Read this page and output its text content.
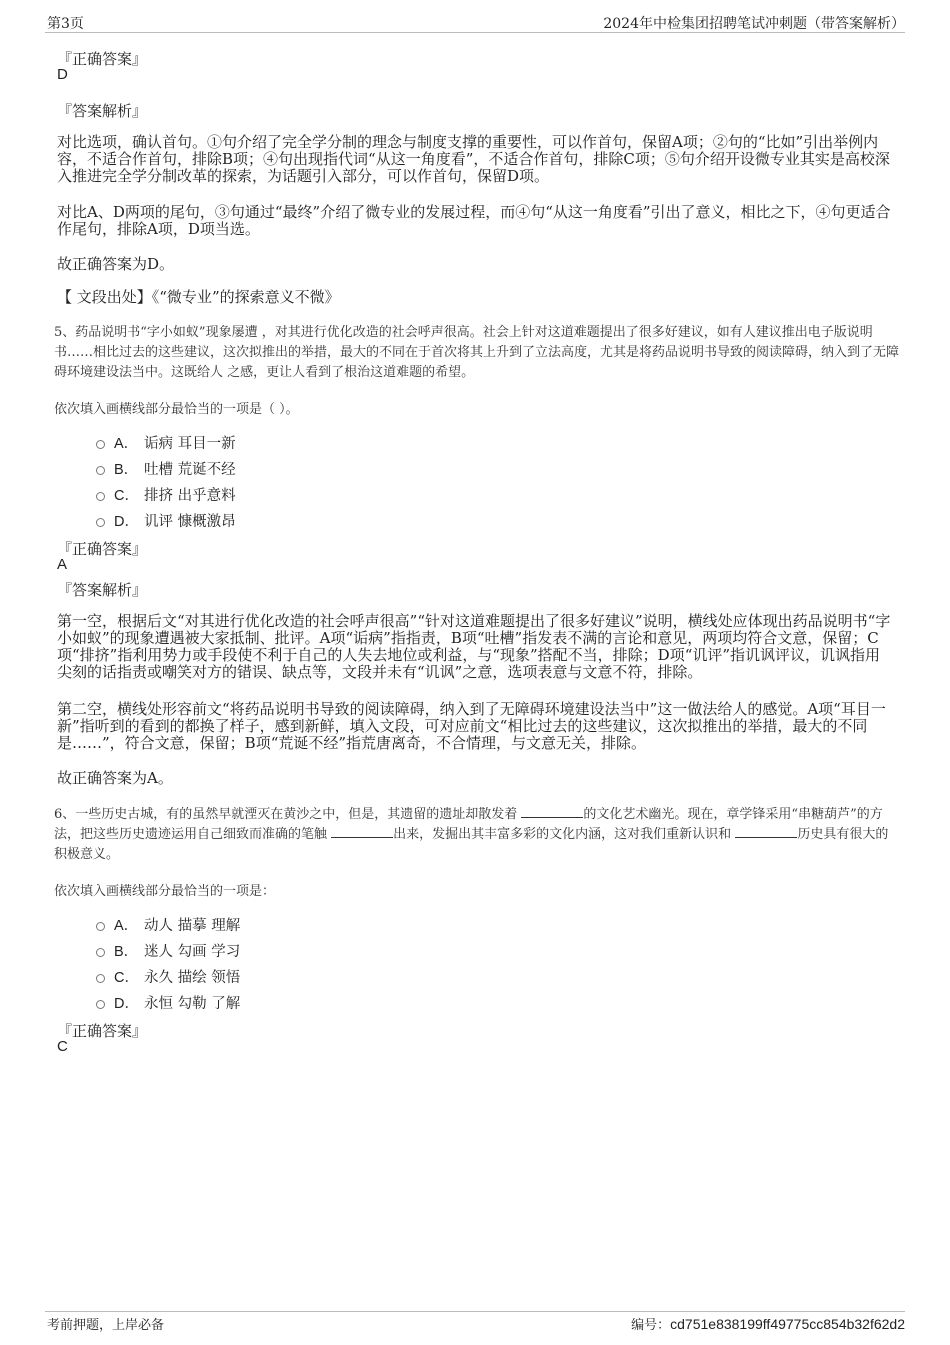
第3页	2024年中检集团招聘笔试冲刺题（带答案解析）
『正确答案』
D
『答案解析』
对比选项，确认首句。①句介绍了完全学分制的理念与制度支撑的重要性，可以作首句，保留A项；②句的“比如”引出举例内容，不适合作首句，排除B项；④句出现指代词“从这一角度看”，不适合作首句，排除C项；⑤句介绍开设微专业其实是高校深入推进完全学分制改革的探索，为话题引入部分，可以作首句，保留D项。
对比A、D两项的尾句，③句通过“最终”介绍了微专业的发展过程，而④句“从这一角度看”引出了意义，相比之下，④句更适合作尾句，排除A项，D项当选。
故正确答案为D。
【 文段出处】《“微专业”的探索意义不微》
5、药品说明书“字小如蚁”现象屡遭 ，对其进行优化改造的社会呼声很高。社会上针对这道难题提出了很多好建议，如有人建议推出电子版说明书……相比过去的这些建议，这次拟推出的举措，最大的不同在于首次将其上升到了立法高度，尤其是将药品说明书导致的阅读障碍，纳入到了无障碍环境建设法当中。这既给人 之感，更让人看到了根治这道难题的希望。
依次填入画横线部分最恰当的一项是（ ）。
A． 诟病 耳目一新
B． 吐槽 荒诞不经
C． 排挤 出乎意料
D． 讥评 慷概激昂
『正确答案』
A
『答案解析』
第一空，根据后文“对其进行优化改造的社会呼声很高”“针对这道难题提出了很多好建议”说明，横线处应体现出药品说明书“字小如蚁”的现象遭遇被大家抵制、批评。A项“诟病”指指责，B项“吐槽”指发表不满的言论和意见，两项均符合文意，保留；C项“排挤”指利用势力或手段使不利于自己的人失去地位或利益，与“现象”搭配不当，排除；D项“讥评”指讥讽评议，讥讽指用尖刻的话指责或嘲笑对方的错误、缺点等，文段并未有“讥讽”之意，选项表意与文意不符，排除。
第二空，横线处形容前文“将药品说明书导致的阅读障碍，纳入到了无障碍环境建设法当中”这一做法给人的感觉。A项“耳目一新”指听到的看到的都换了样子，感到新鲜，填入文段，可对应前文“相比过去的这些建议，这次拟推出的举措，最大的不同是……”，符合文意，保留；B项“荒诞不经”指荒唐离奇，不合情理，与文意无关，排除。
故正确答案为A。
6、一些历史古城，有的虽然早就湮灭在黄沙之中，但是，其遗留的遗址却散发着	的文化艺术幽光。现在，章学锋采用“串糖葫芦”的方法，把这些历史遗迹运用自己细致而准确的笔触	出来，发掘出其丰富多彩的文化内涵，这对我们重新认识和	历史具有很大的积极意义。
依次填入画横线部分最恰当的一项是：
A． 动人 描摹 理解
B． 迷人 勾画 学习
C． 永久 描绘 领悟
D． 永恒 勾勒 了解
『正确答案』
C
考前押题，上岸必备	编号：cd751e838199ff49775cc854b32f62d2
